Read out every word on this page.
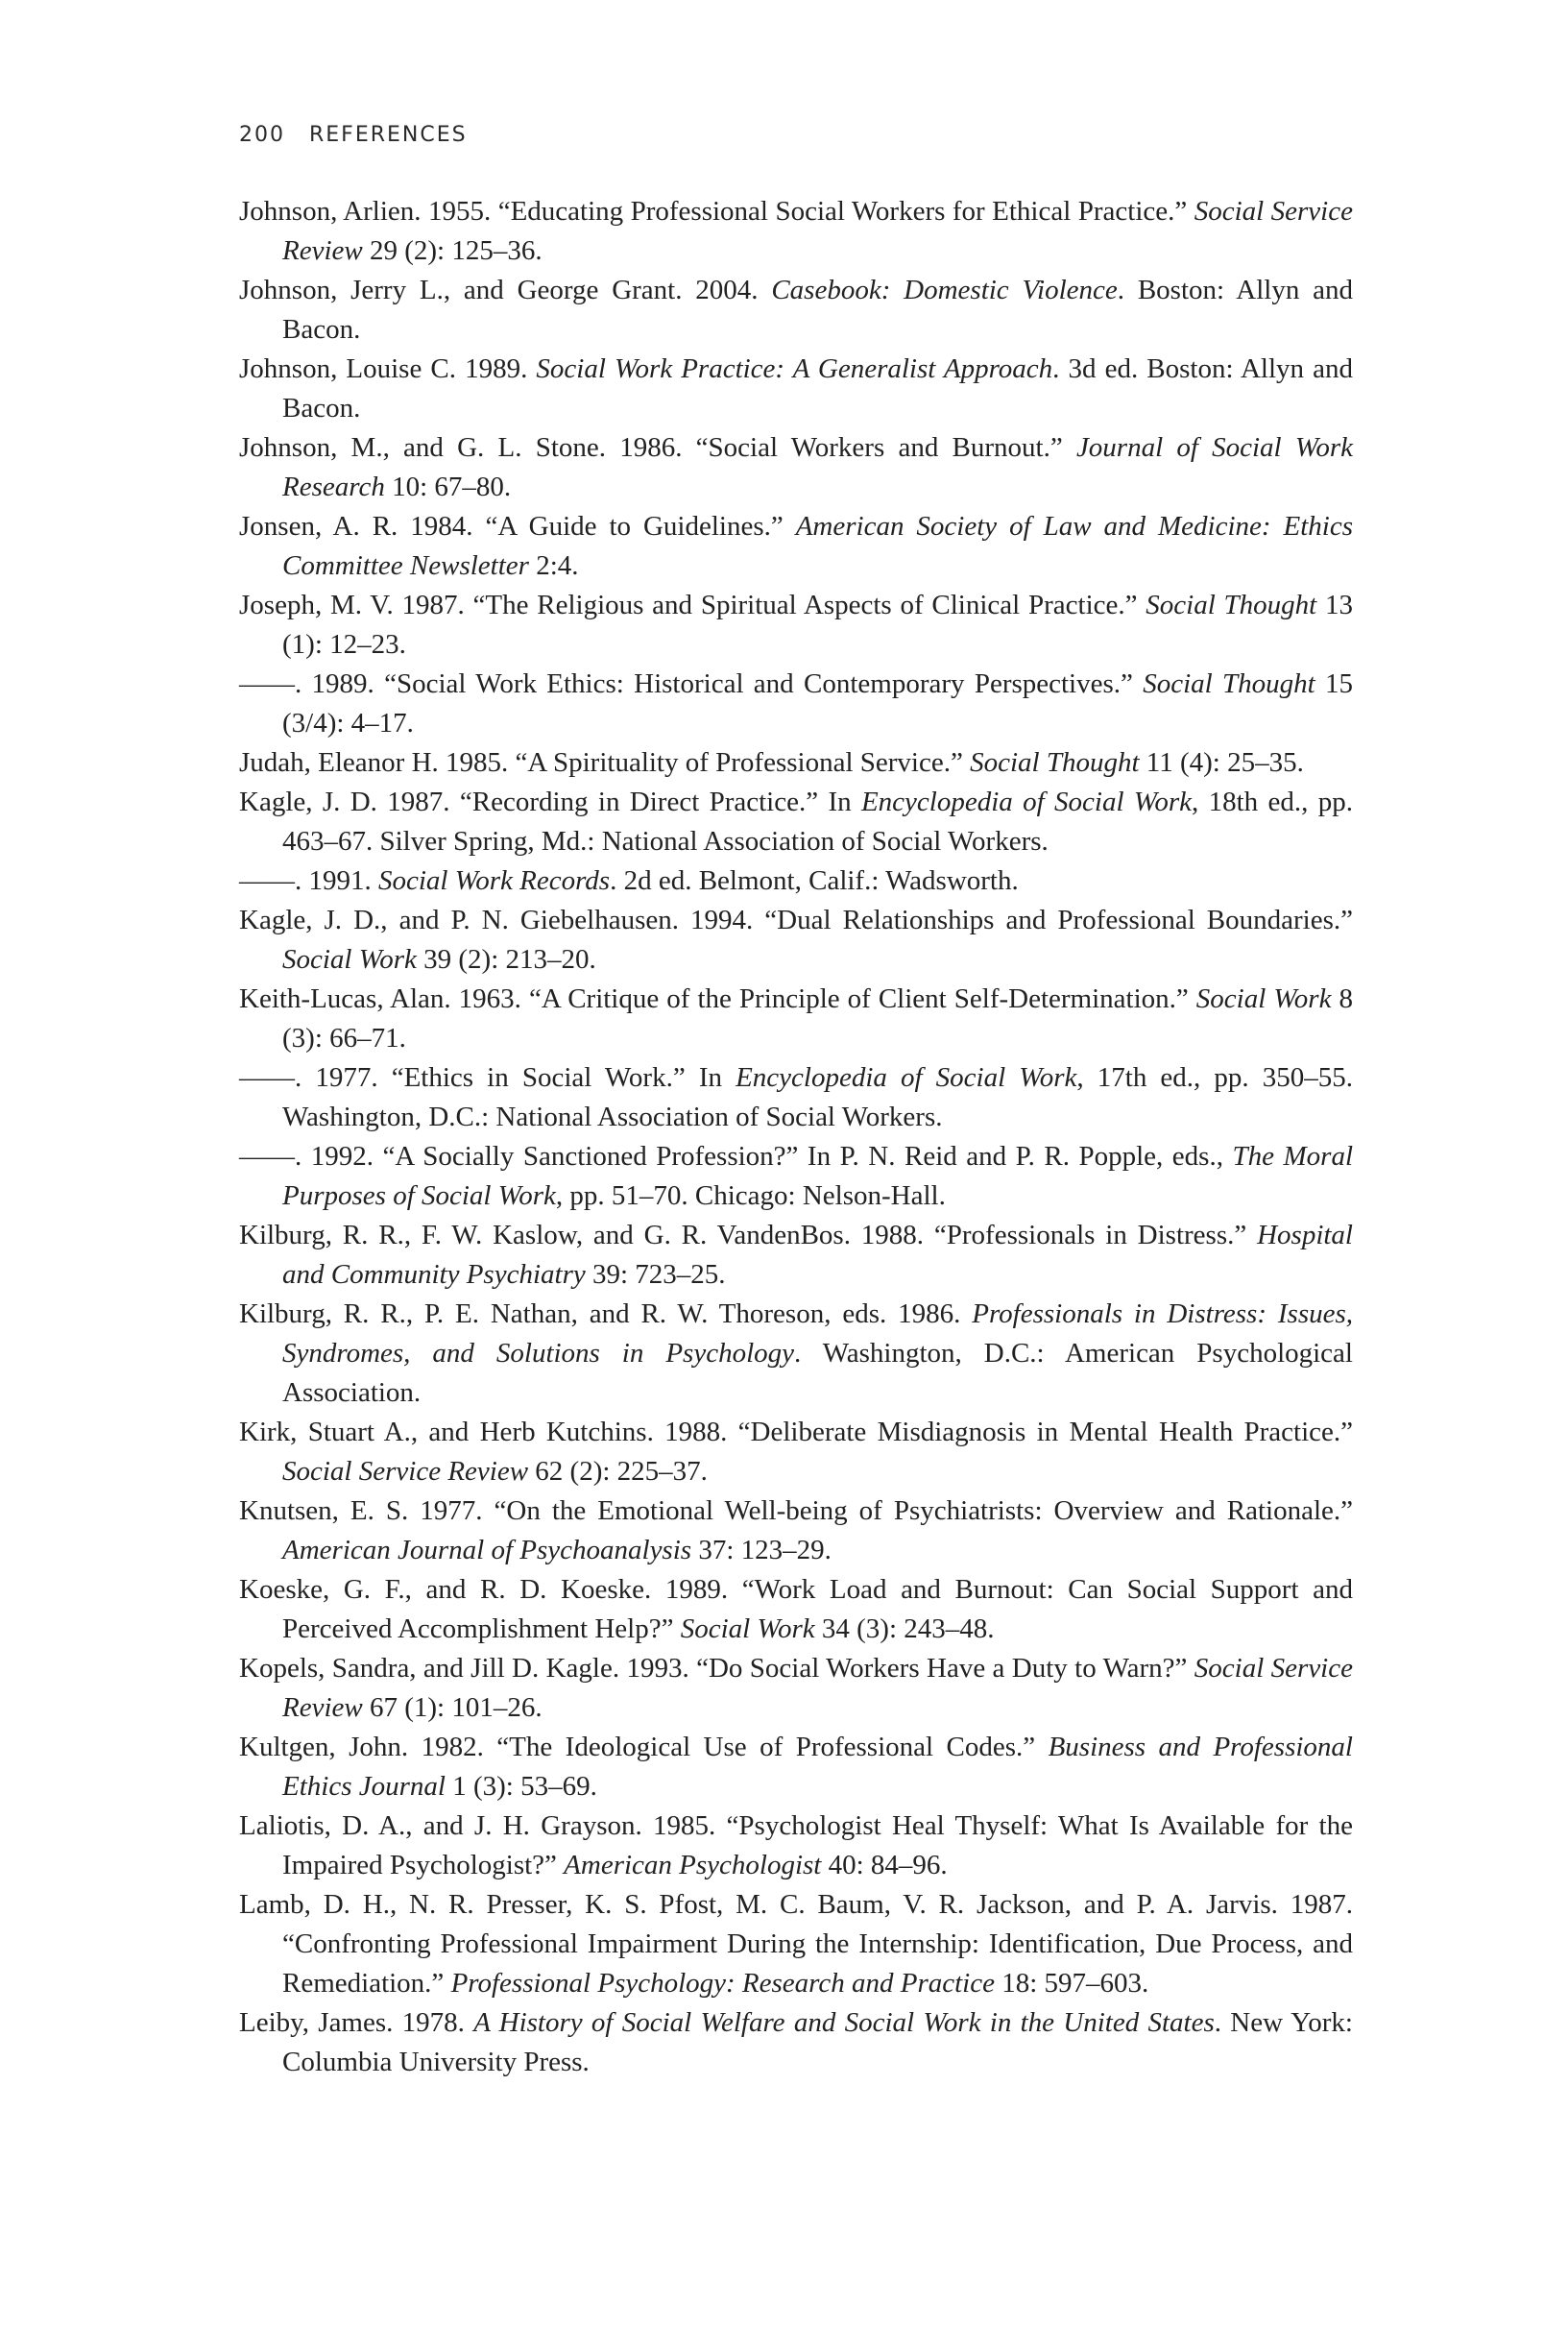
200 REFERENCES

Johnson, Arlien. 1955. “Educating Professional Social Workers for Ethical Practice.” Social Service Review 29 (2): 125–36.

Johnson, Jerry L., and George Grant. 2004. Casebook: Domestic Violence. Boston: Allyn and Bacon.

Johnson, Louise C. 1989. Social Work Practice: A Generalist Approach. 3d ed. Boston: Allyn and Bacon.

Johnson, M., and G. L. Stone. 1986. “Social Workers and Burnout.” Journal of Social Work Research 10: 67–80.

Jonsen, A. R. 1984. “A Guide to Guidelines.” American Society of Law and Medicine: Ethics Committee Newsletter 2:4.

Joseph, M. V. 1987. “The Religious and Spiritual Aspects of Clinical Practice.” Social Thought 13 (1): 12–23.

——. 1989. “Social Work Ethics: Historical and Contemporary Perspectives.” Social Thought 15 (3/4): 4–17.

Judah, Eleanor H. 1985. “A Spirituality of Professional Service.” Social Thought 11 (4): 25–35.

Kagle, J. D. 1987. “Recording in Direct Practice.” In Encyclopedia of Social Work, 18th ed., pp. 463–67. Silver Spring, Md.: National Association of Social Workers.

——. 1991. Social Work Records. 2d ed. Belmont, Calif.: Wadsworth.

Kagle, J. D., and P. N. Giebelhausen. 1994. “Dual Relationships and Professional Boundaries.” Social Work 39 (2): 213–20.

Keith-Lucas, Alan. 1963. “A Critique of the Principle of Client Self-Determination.” Social Work 8 (3): 66–71.

——. 1977. “Ethics in Social Work.” In Encyclopedia of Social Work, 17th ed., pp. 350–55. Washington, D.C.: National Association of Social Workers.

——. 1992. “A Socially Sanctioned Profession?” In P. N. Reid and P. R. Popple, eds., The Moral Purposes of Social Work, pp. 51–70. Chicago: Nelson-Hall.

Kilburg, R. R., F. W. Kaslow, and G. R. VandenBos. 1988. “Professionals in Distress.” Hospital and Community Psychiatry 39: 723–25.

Kilburg, R. R., P. E. Nathan, and R. W. Thoreson, eds. 1986. Professionals in Distress: Issues, Syndromes, and Solutions in Psychology. Washington, D.C.: American Psychological Association.

Kirk, Stuart A., and Herb Kutchins. 1988. “Deliberate Misdiagnosis in Mental Health Practice.” Social Service Review 62 (2): 225–37.

Knutsen, E. S. 1977. “On the Emotional Well-being of Psychiatrists: Overview and Rationale.” American Journal of Psychoanalysis 37: 123–29.

Koeske, G. F., and R. D. Koeske. 1989. “Work Load and Burnout: Can Social Support and Perceived Accomplishment Help?” Social Work 34 (3): 243–48.

Kopels, Sandra, and Jill D. Kagle. 1993. “Do Social Workers Have a Duty to Warn?” Social Service Review 67 (1): 101–26.

Kultgen, John. 1982. “The Ideological Use of Professional Codes.” Business and Professional Ethics Journal 1 (3): 53–69.

Laliotis, D. A., and J. H. Grayson. 1985. “Psychologist Heal Thyself: What Is Available for the Impaired Psychologist?” American Psychologist 40: 84–96.

Lamb, D. H., N. R. Presser, K. S. Pfost, M. C. Baum, V. R. Jackson, and P. A. Jarvis. 1987. “Confronting Professional Impairment During the Internship: Identification, Due Process, and Remediation.” Professional Psychology: Research and Practice 18: 597–603.

Leiby, James. 1978. A History of Social Welfare and Social Work in the United States. New York: Columbia University Press.
